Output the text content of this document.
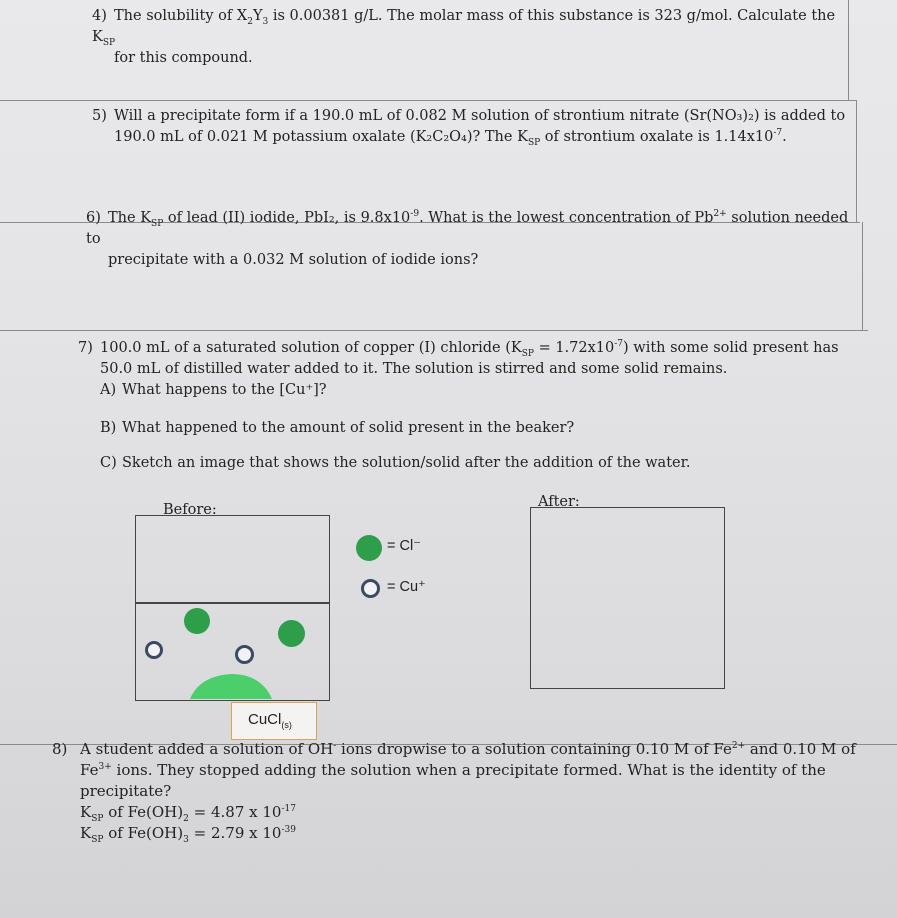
4) The solubility of $X_2Y_3$ is 0.00381 g/L. The molar mass of this substance is 323 g/mol. Calculate the $K_{SP}$
for this compound.
5) Will a precipitate form if a 190.0 mL of 0.082 M solution of strontium nitrate (Sr(NO₃)₂) is added to
190.0 mL of 0.021 M potassium oxalate (K₂C₂O₄)? The $K_{SP}$ of strontium oxalate is $1.14x10^{-7}$.
6) The $K_{SP}$ of lead (II) iodide, PbI₂, is $9.8x10^{-9}$. What is the lowest concentration of $Pb^{2+}$ solution needed to
precipitate with a 0.032 M solution of iodide ions?
7) 100.0 mL of a saturated solution of copper (I) chloride $(K_{SP} = 1.72x10^{-7})$ with some solid present has
50.0 mL of distilled water added to it. The solution is stirred and some solid remains.
A) What happens to the [Cu⁺]?
B) What happened to the amount of solid present in the beaker?
C) Sketch an image that shows the solution/solid after the addition of the water.
Before:
CuCl$_{(s)}$
= Cl⁻
= Cu⁺
After:
8) A student added a solution of OH- ions dropwise to a solution containing 0.10 M of $Fe^{2+}$ and 0.10 M of
$Fe^{3+}$ ions. They stopped adding the solution when a precipitate formed. What is the identity of the
precipitate?
$K_{SP}$ of $Fe(OH)_2 = 4.87$ x $10^{-17}$
$K_{SP}$ of $Fe(OH)_3 = 2.79$ x $10^{-39}$
